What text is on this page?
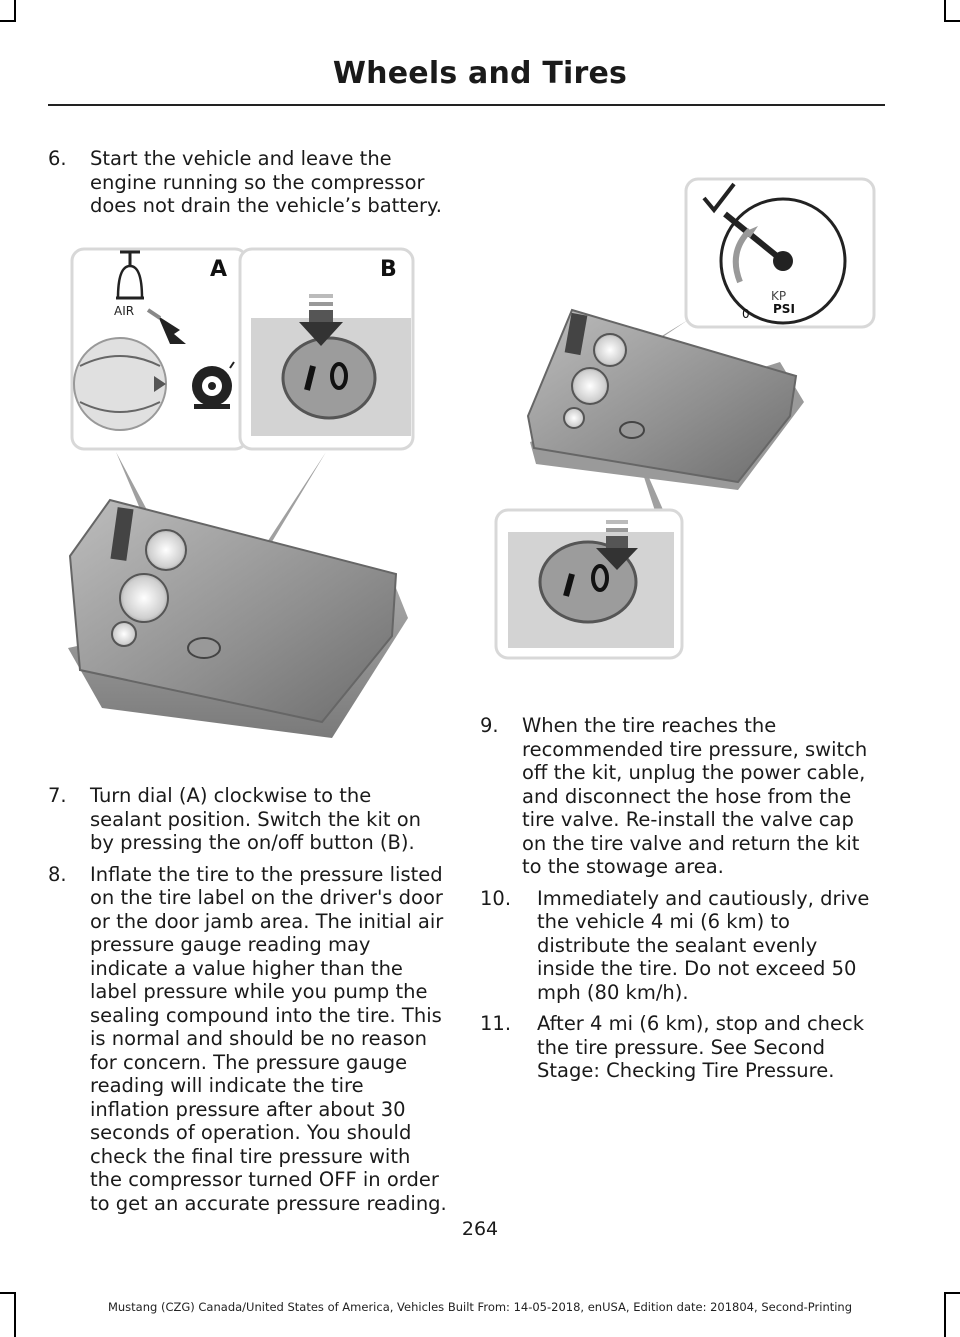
Wheels and Tires
6. Start the vehicle and leave the engine running so the compressor does not drain the vehicle’s battery.
AIR
A	B
7. Turn dial (A) clockwise to the sealant position. Switch the kit on by pressing the on/off button (B).
8. Inflate the tire to the pressure listed on the tire label on the driver's door or the door jamb area. The initial air pressure gauge reading may indicate a value higher than the label pressure while you pump the sealing compound into the tire. This is normal and should be no reason for concern. The pressure gauge reading will indicate the tire inflation pressure after about 30 seconds of operation. You should check the final tire pressure with the compressor turned OFF in order to get an accurate pressure reading.
KP
PSI
0
9. When the tire reaches the recommended tire pressure, switch off the kit, unplug the power cable, and disconnect the hose from the tire valve. Re-install the valve cap on the tire valve and return the kit to the stowage area.
10. Immediately and cautiously, drive the vehicle 4 mi (6 km) to distribute the sealant evenly inside the tire. Do not exceed 50 mph (80 km/h).
11. After 4 mi (6 km), stop and check the tire pressure. See Second Stage: Checking Tire Pressure.
264
Mustang (CZG) Canada/United States of America, Vehicles Built From: 14-05-2018, enUSA, Edition date: 201804, Second-Printing
